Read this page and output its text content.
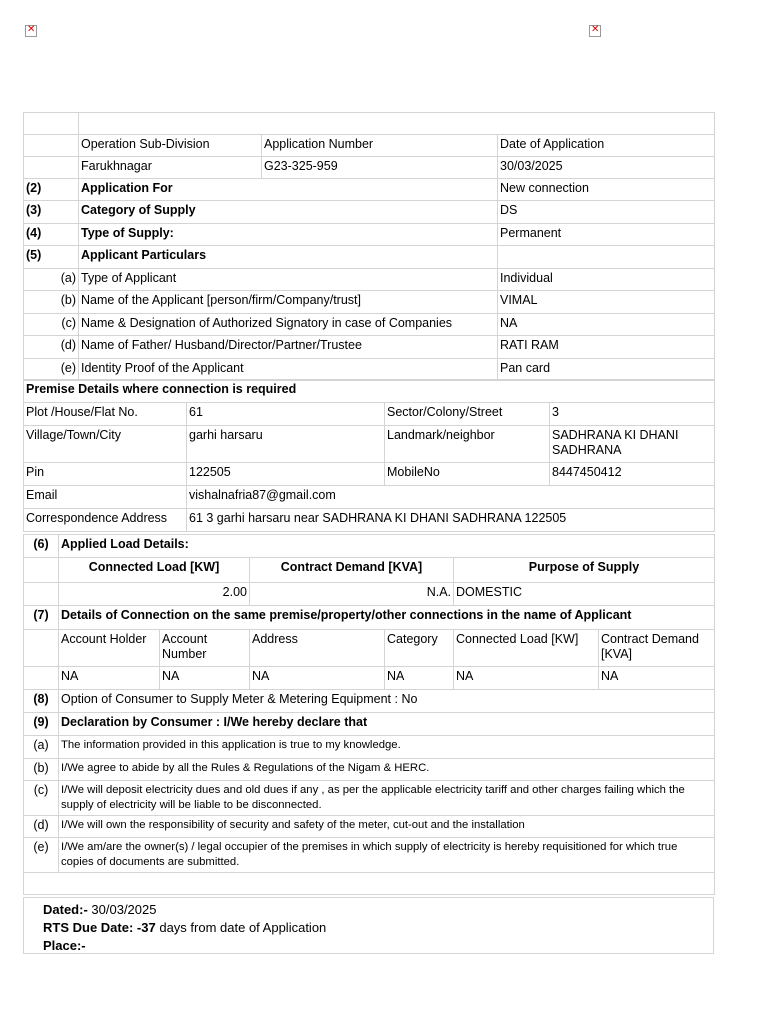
✕
✕

	Operation Sub-Division	Application Number	Date of Application
	Farukhnagar	G23-325-959	30/03/2025
(2)	Application For		New connection
(3)	Category of Supply		DS
(4)	Type of Supply:		Permanent
(5)	Applicant Particulars		
(a)	Type of Applicant		Individual
(b)	Name of the Applicant [person/firm/Company/trust]		VIMAL
(c)	Name & Designation of Authorized Signatory in case of Companies		NA
(d)	Name of Father/ Husband/Director/Partner/Trustee		RATI RAM
(e)	Identity Proof of the Applicant		Pan card
Premise Details where connection is required			
Plot /House/Flat No.	61	Sector/Colony/Street	3
Village/Town/City	garhi harsaru	Landmark/neighbor	SADHRANA KI DHANI SADHRANA
Pin	122505	MobileNo	8447450412
Email	vishalnafria87@gmail.com		
Correspondence Address	61 3 garhi harsaru near SADHRANA KI DHANI SADHRANA 122505		
(6)	Applied Load Details:					
	Connected Load [KW]		Contract Demand [KVA]		Purpose of Supply	
	2.00		N.A.		DOMESTIC	
(7)	Details of Connection on the same premise/property/other connections in the name of Applicant					
	Account Holder	Account Number	Address	Category	Connected Load [KW]	Contract Demand [KVA]
	NA	NA	NA	NA	NA	NA
(8)	Option of Consumer to Supply Meter & Metering Equipment : No					
(9)	Declaration by Consumer : I/We hereby declare that					
(a)	The information provided in this application is true to my knowledge.					
(b)	I/We agree to abide by all the Rules & Regulations of the Nigam & HERC.					
(c)	I/We will deposit electricity dues and old dues if any , as per the applicable electricity tariff and other charges failing which the supply of electricity will be liable to be disconnected.					
(d)	I/We will own the responsibility of security and safety of the meter, cut-out and the installation					
(e)	I/We am/are the owner(s) / legal occupier of the premises in which supply of electricity is hereby requisitioned for which true copies of documents are submitted.					

Dated:- 30/03/2025
RTS Due Date: -37 days from date of Application
Place:-
